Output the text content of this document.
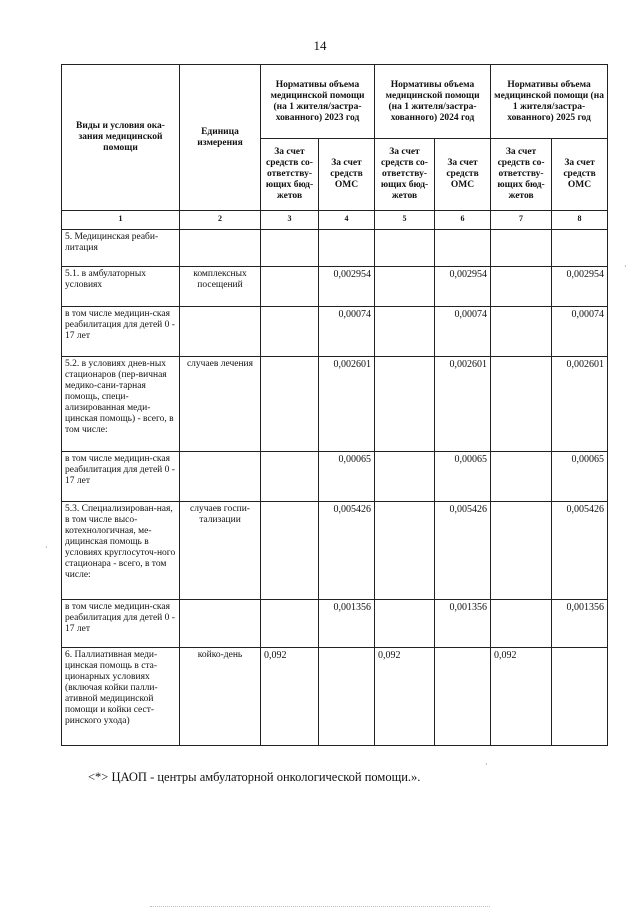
14
Виды и условия ока-зания медицинской помощи	Единица измерения	Нормативы объема медицинской помощи (на 1 жителя/застра-хованного) 2023 год		Нормативы объема медицинской помощи (на 1 жителя/застра-хованного) 2024 год		Нормативы объема медицинской помощи (на 1 жителя/застра-хованного) 2025 год	
		За счет средств со-ответству-ющих бюд-жетов	За счет средств ОМС	За счет средств со-ответству-ющих бюд-жетов	За счет средств ОМС	За счет средств со-ответству-ющих бюд-жетов	За счет средств ОМС
1	2	3	4	5	6	7	8
5. Медицинская реаби-литация							
5.1. в амбулаторных условиях	комплексных посещений		0,002954		0,002954		0,002954
в том числе медицин-ская реабилитация для детей 0 - 17 лет			0,00074		0,00074		0,00074
5.2. в условиях днев-ных стационаров (пер-вичная медико-сани-тарная помощь, специ-ализированная меди-цинская помощь) - всего, в том числе:	случаев лечения		0,002601		0,002601		0,002601
в том числе медицин-ская реабилитация для детей 0 - 17 лет			0,00065		0,00065		0,00065
5.3. Специализирован-ная, в том числе высо-котехнологичная, ме-дицинская помощь в условиях круглосуточ-ного стационара - всего, в том числе:	случаев госпи-тализации		0,005426		0,005426		0,005426
в том числе медицин-ская реабилитация для детей 0 - 17 лет			0,001356		0,001356		0,001356
6. Паллиативная меди-цинская помощь в ста-ционарных условиях (включая койки палли-ативной медицинской помощи и койки сест-ринского ухода)	койко-день	0,092		0,092		0,092	
<*> ЦАОП - центры амбулаторной онкологической помощи.».
·
·
·
